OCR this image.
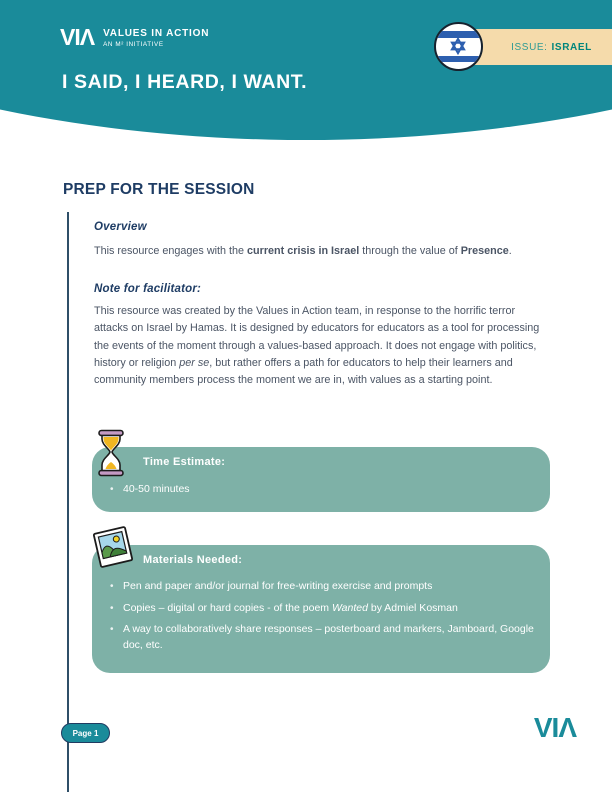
VIΛ VALUES IN ACTION
AN M² INITIATIVE	ISSUE: ISRAEL
I SAID, I HEARD, I WANT.
PREP FOR THE SESSION
Overview
This resource engages with the current crisis in Israel through the value of Presence.
Note for facilitator:
This resource was created by the Values in Action team, in response to the horrific terror attacks on Israel by Hamas. It is designed by educators for educators as a tool for processing the events of the moment through a values-based approach. It does not engage with politics, history or religion per se, but rather offers a path for educators to help their learners and community members process the moment we are in, with values as a starting point.
Time Estimate:
• 40-50 minutes
Materials Needed:
• Pen and paper and/or journal for free-writing exercise and prompts
• Copies – digital or hard copies - of the poem Wanted by Admiel Kosman
• A way to collaboratively share responses – posterboard and markers, Jamboard, Google doc, etc.
Page 1	VIΛ
